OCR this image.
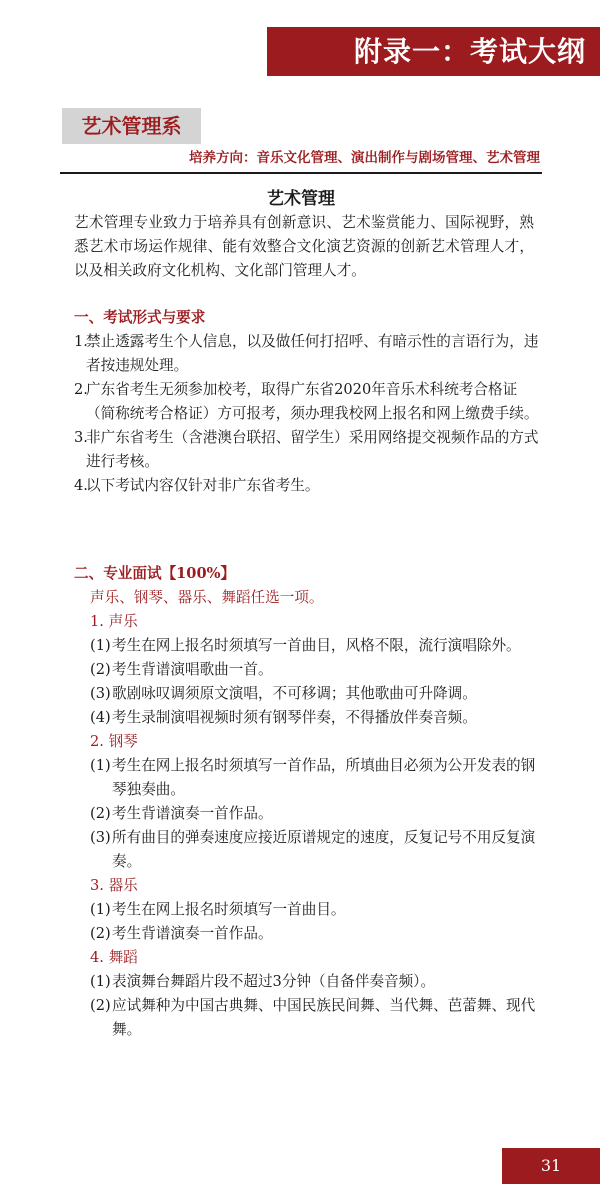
附录一：考试大纲
艺术管理系
培养方向：音乐文化管理、演出制作与剧场管理、艺术管理
艺术管理
艺术管理专业致力于培养具有创新意识、艺术鉴赏能力、国际视野，熟悉艺术市场运作规律、能有效整合文化演艺资源的创新艺术管理人才，以及相关政府文化机构、文化部门管理人才。
一、考试形式与要求
1.
禁止透露考生个人信息，以及做任何打招呼、有暗示性的言语行为，违者按违规处理。
2.
广东省考生无须参加校考，取得广东省2020年音乐术科统考合格证（简称统考合格证）方可报考，须办理我校网上报名和网上缴费手续。
3.
非广东省考生（含港澳台联招、留学生）采用网络提交视频作品的方式进行考核。
4.
以下考试内容仅针对非广东省考生。
二、专业面试【100%】
声乐、钢琴、器乐、舞蹈任选一项。
1. 声乐
(1) 考生在网上报名时须填写一首曲目，风格不限，流行演唱除外。
(2) 考生背谱演唱歌曲一首。
(3) 歌剧咏叹调须原文演唱，不可移调；其他歌曲可升降调。
(4) 考生录制演唱视频时须有钢琴伴奏，不得播放伴奏音频。
2. 钢琴
(1) 考生在网上报名时须填写一首作品，所填曲目必须为公开发表的钢琴独奏曲。
(2) 考生背谱演奏一首作品。
(3) 所有曲目的弹奏速度应接近原谱规定的速度，反复记号不用反复演奏。
3. 器乐
(1) 考生在网上报名时须填写一首曲目。
(2) 考生背谱演奏一首作品。
4. 舞蹈
(1) 表演舞台舞蹈片段不超过3分钟（自备伴奏音频）。
(2) 应试舞种为中国古典舞、中国民族民间舞、当代舞、芭蕾舞、现代舞。
31
